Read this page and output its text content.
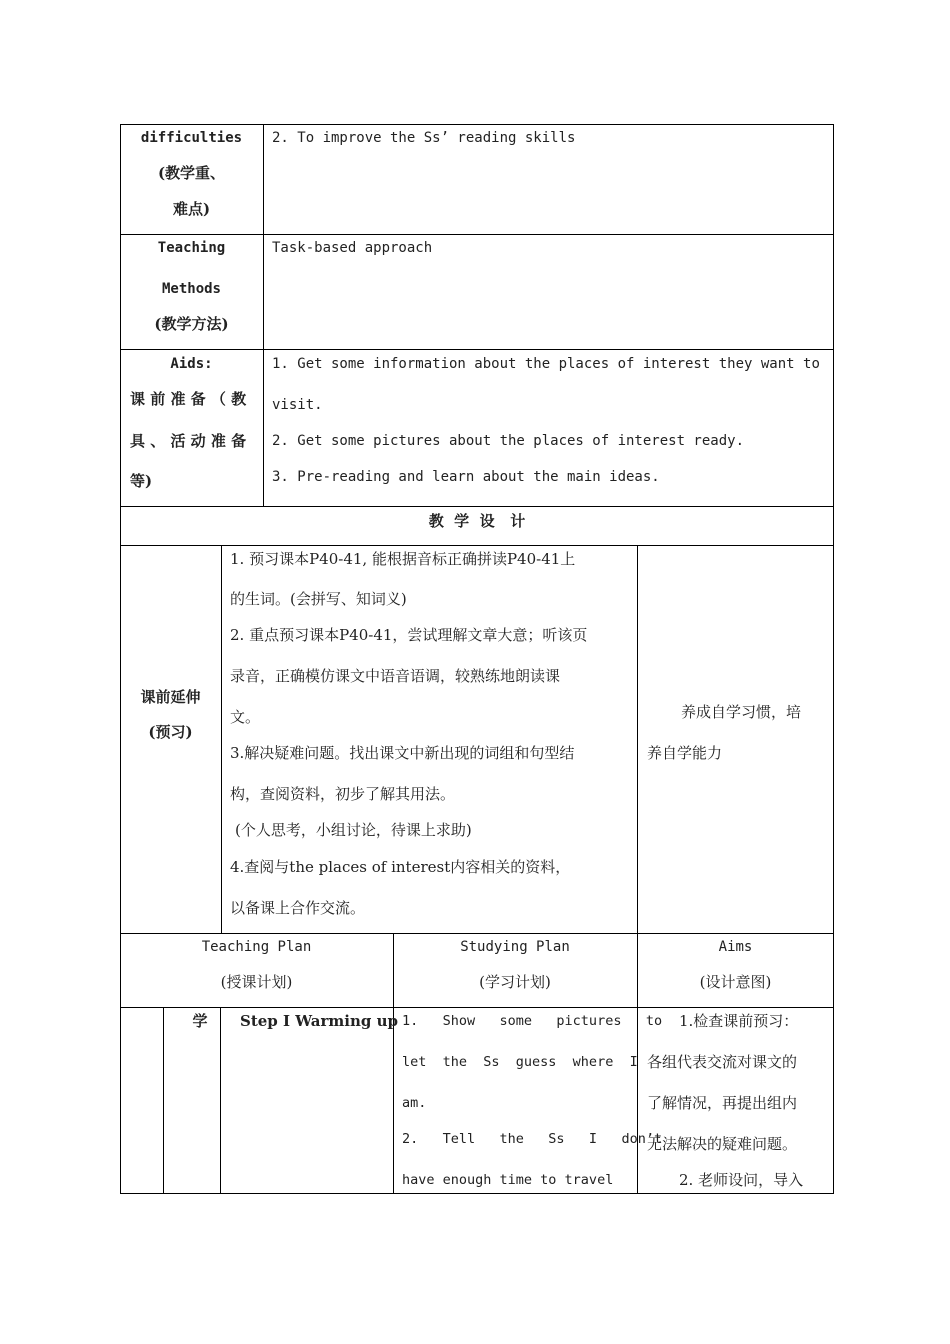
difficulties
(教学重、
难点)
2. To improve the Ss’ reading skills
Teaching
Methods
(教学方法)
Task-based approach
Aids:
课 前 准 备 （ 教
具 、 活 动 准 备
等)
1. Get some information about the places of interest they want to
visit.
2. Get some pictures about the places of interest ready.
3. Pre-reading and learn about the main ideas.
教  学  设   计
课前延伸
(预习)
1. 预习课本P40-41, 能根据音标正确拼读P40-41上
的生词。(会拼写、知词义)
2. 重点预习课本P40-41，尝试理解文章大意；听该页
录音，正确模仿课文中语音语调，较熟练地朗读课
文。
3.解决疑难问题。找出课文中新出现的词组和句型结
构，查阅资料，初步了解其用法。
(个人思考，小组讨论，待课上求助)
4.查阅与the places of interest内容相关的资料，
以备课上合作交流。
养成自学习惯，培
养自学能力
Teaching Plan
(授课计划)
Studying Plan
(学习计划)
Aims
(设计意图)
学	Step Ⅰ Warming up 1.   Show   some   pictures   to
let  the  Ss  guess  where  I
am.
2.   Tell   the   Ss   I   don’t
have enough time to travel
1.检查课前预习：
各组代表交流对课文的
了解情况，再提出组内
无法解决的疑难问题。
2. 老师设问，导入
